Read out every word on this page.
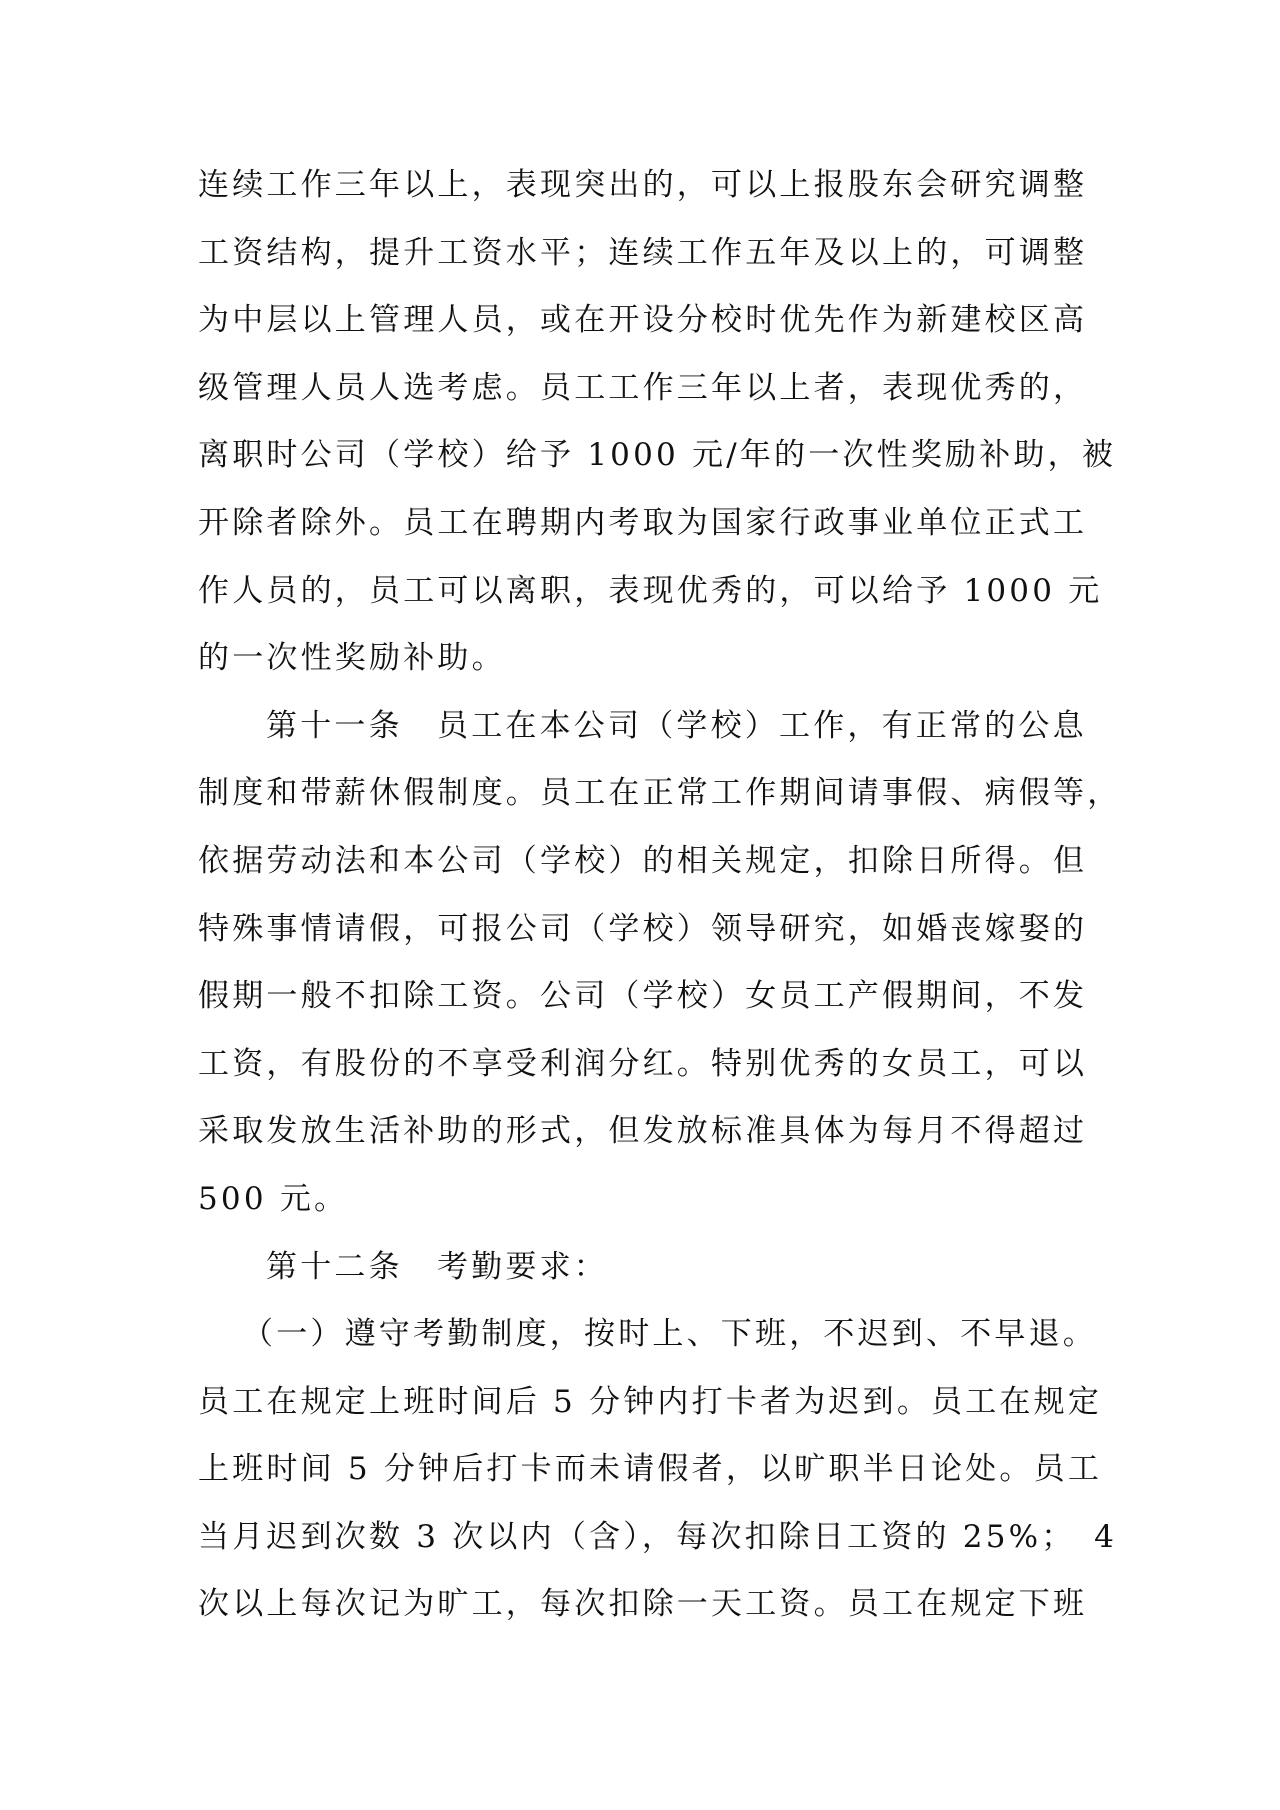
连续工作三年以上，表现突出的，可以上报股东会研究调整
工资结构，提升工资水平；连续工作五年及以上的，可调整
为中层以上管理人员，或在开设分校时优先作为新建校区高
级管理人员人选考虑。员工工作三年以上者，表现优秀的，
离职时公司（学校）给予 1000 元/年的一次性奖励补助，被
开除者除外。员工在聘期内考取为国家行政事业单位正式工
作人员的，员工可以离职，表现优秀的，可以给予 1000 元
的一次性奖励补助。
第十一条　员工在本公司（学校）工作，有正常的公息
制度和带薪休假制度。员工在正常工作期间请事假、病假等，
依据劳动法和本公司（学校）的相关规定，扣除日所得。但
特殊事情请假，可报公司（学校）领导研究，如婚丧嫁娶的
假期一般不扣除工资。公司（学校）女员工产假期间，不发
工资，有股份的不享受利润分红。特别优秀的女员工，可以
采取发放生活补助的形式，但发放标准具体为每月不得超过
500 元。
第十二条　考勤要求：
（一）遵守考勤制度，按时上、下班，不迟到、不早退。
员工在规定上班时间后 5 分钟内打卡者为迟到。员工在规定
上班时间 5 分钟后打卡而未请假者，以旷职半日论处。员工
当月迟到次数 3 次以内（含），每次扣除日工资的 25%；　4
次以上每次记为旷工，每次扣除一天工资。员工在规定下班
